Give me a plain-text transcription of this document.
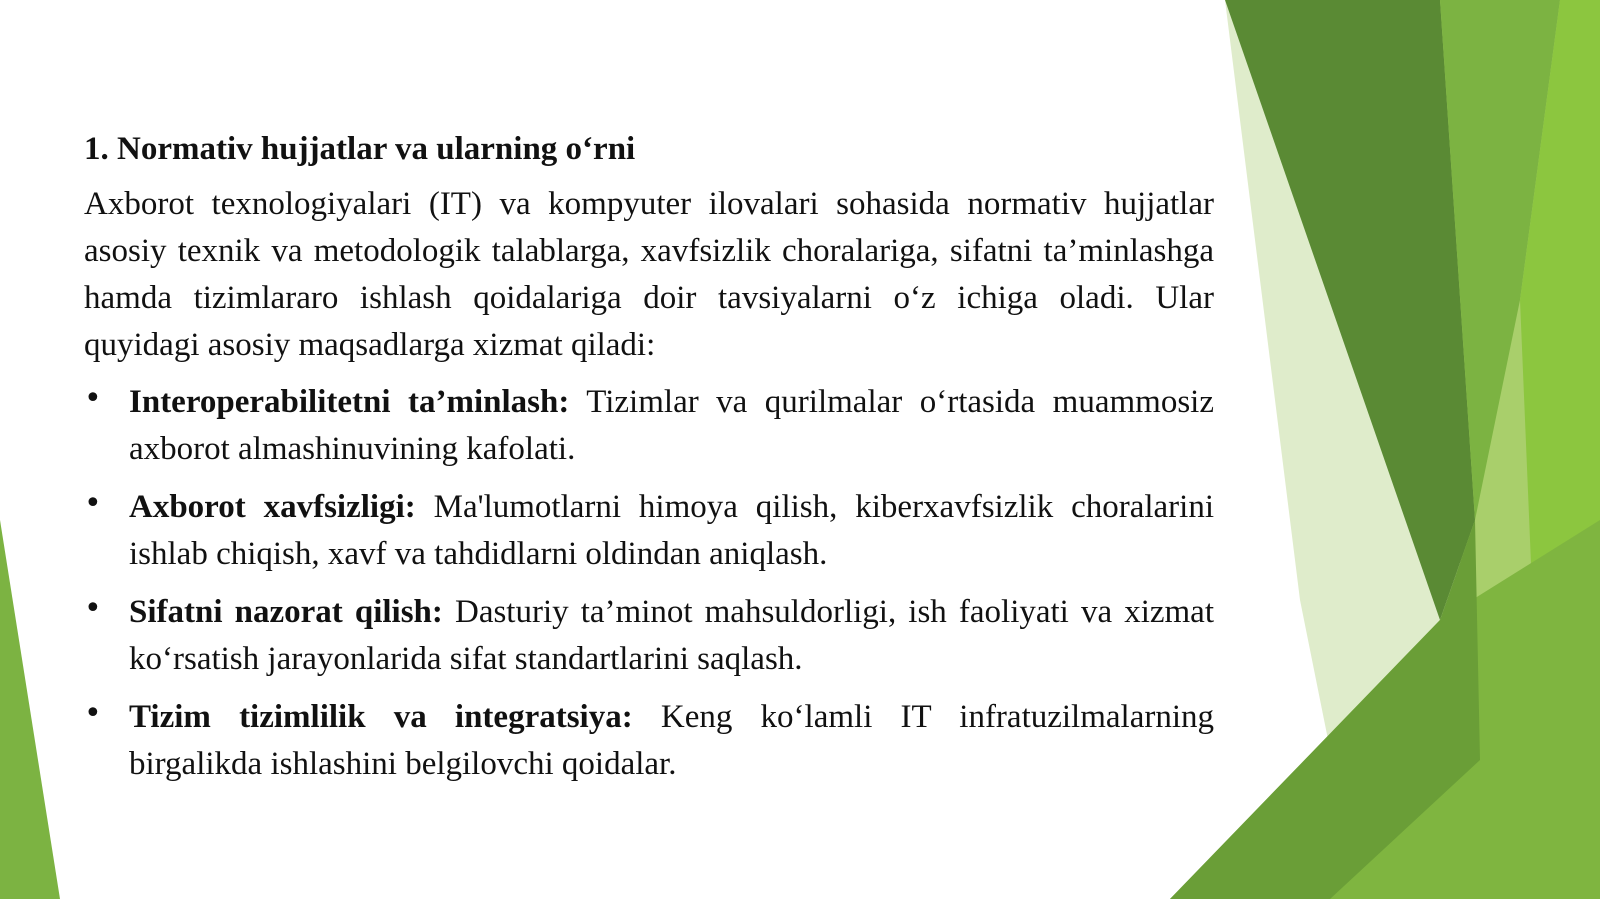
1. Normativ hujjatlar va ularning o‘rni

Axborot texnologiyalari (IT) va kompyuter ilovalari sohasida normativ hujjatlar asosiy texnik va metodologik talablarga, xavfsizlik choralariga, sifatni ta’minlashga hamda tizimlararo ishlash qoidalariga doir tavsiyalarni o‘z ichiga oladi. Ular quyidagi asosiy maqsadlarga xizmat qiladi:

• Interoperabilitetni ta’minlash: Tizimlar va qurilmalar o‘rtasida muammosiz axborot almashinuvining kafolati.
• Axborot xavfsizligi: Ma'lumotlarni himoya qilish, kiberxavfsizlik choralarini ishlab chiqish, xavf va tahdidlarni oldindan aniqlash.
• Sifatni nazorat qilish: Dasturiy ta’minot mahsuldorligi, ish faoliyati va xizmat ko‘rsatish jarayonlarida sifat standartlarini saqlash.
• Tizim tizimlilik va integratsiya: Keng ko‘lamli IT infratuzilmalarning birgalikda ishlashini belgilovchi qoidalar.
